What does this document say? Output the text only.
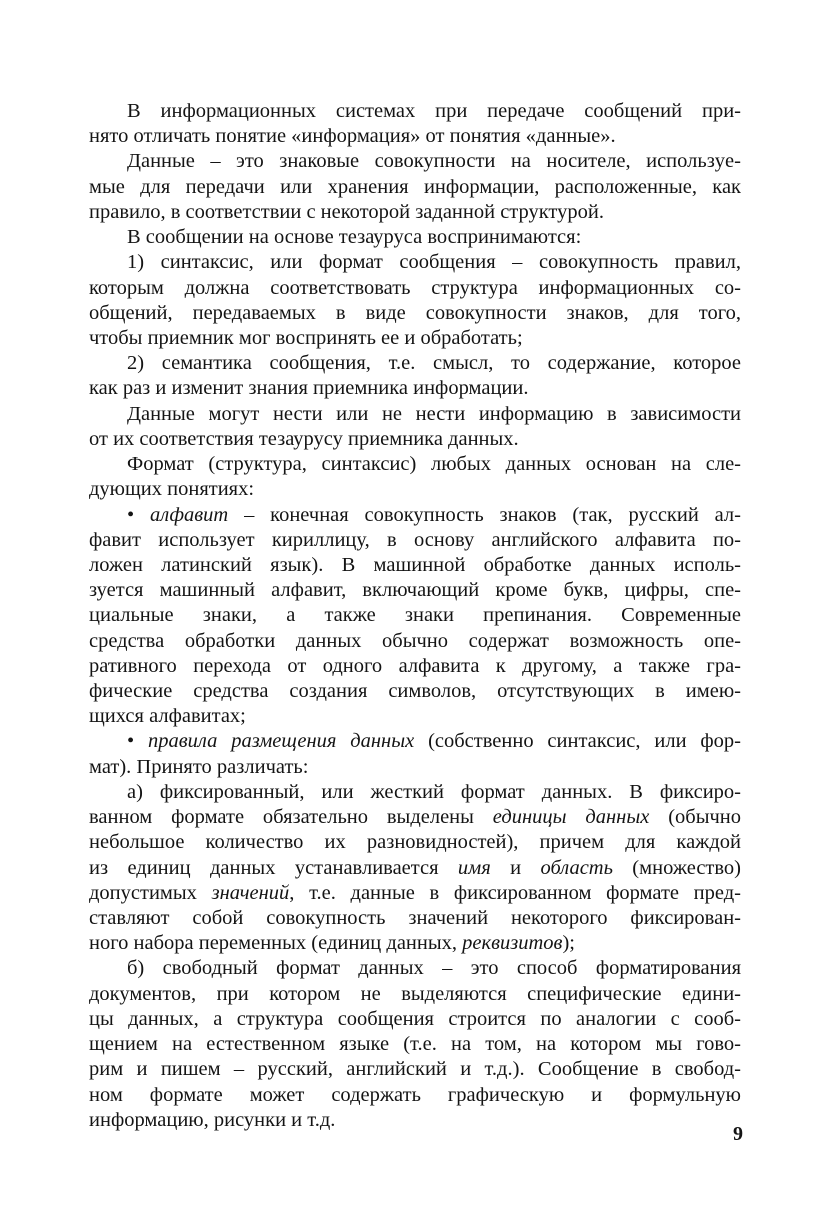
В информационных системах при передаче сообщений при-
нято отличать понятие «информация» от понятия «данные».
Данные – это знаковые совокупности на носителе, использye-
мые для передачи или хранения информации, расположенные, как
правило, в соответствии с некоторой заданной структурой.
В сообщении на основе тезауруса воспринимаются:
1) синтаксис, или формат сообщения – совокупность правил,
которым должна соответствовать структура информационных со-
общений, передаваемых в виде совокупности знаков, для того,
чтобы приемник мог воспринять ее и обработать;
2) семантика сообщения, т.е. смысл, то содержание, которое
как раз и изменит знания приемника информации.
Данные могут нести или не нести информацию в зависимости
от их соответствия тезаурусу приемника данных.
Формат (структура, синтаксис) любых данных основан на сле-
дующих понятиях:
• алфавит – конечная совокупность знаков (так, русский ал-
фавит использует кириллицу, в основу английского алфавита по-
ложен латинский язык). В машинной обработке данных исполь-
зуется машинный алфавит, включающий кроме букв, цифры, спе-
циальные знаки, а также знаки препинания. Современные
средства обработки данных обычно содержат возможность опе-
ративного перехода от одного алфавита к другому, а также гра-
фические средства создания символов, отсутствующих в имею-
щихся алфавитах;
• правила размещения данных (собственно синтаксис, или фор-
мат). Принято различать:
а) фиксированный, или жесткий формат данных. В фиксиро-
ванном формате обязательно выделены единицы данных (обычно
небольшое количество их разновидностей), причем для каждой
из единиц данных устанавливается имя и область (множество)
допустимых значений, т.е. данные в фиксированном формате пред-
ставляют собой совокупность значений некоторого фиксирован-
ного набора переменных (единиц данных, реквизитов);
б) свободный формат данных – это способ форматирования
документов, при котором не выделяются специфические едини-
цы данных, а структура сообщения строится по аналогии с сооб-
щением на естественном языке (т.е. на том, на котором мы гово-
рим и пишем – русский, английский и т.д.). Сообщение в свобод-
ном формате может содержать графическую и формульную
информацию, рисунки и т.д.
9
